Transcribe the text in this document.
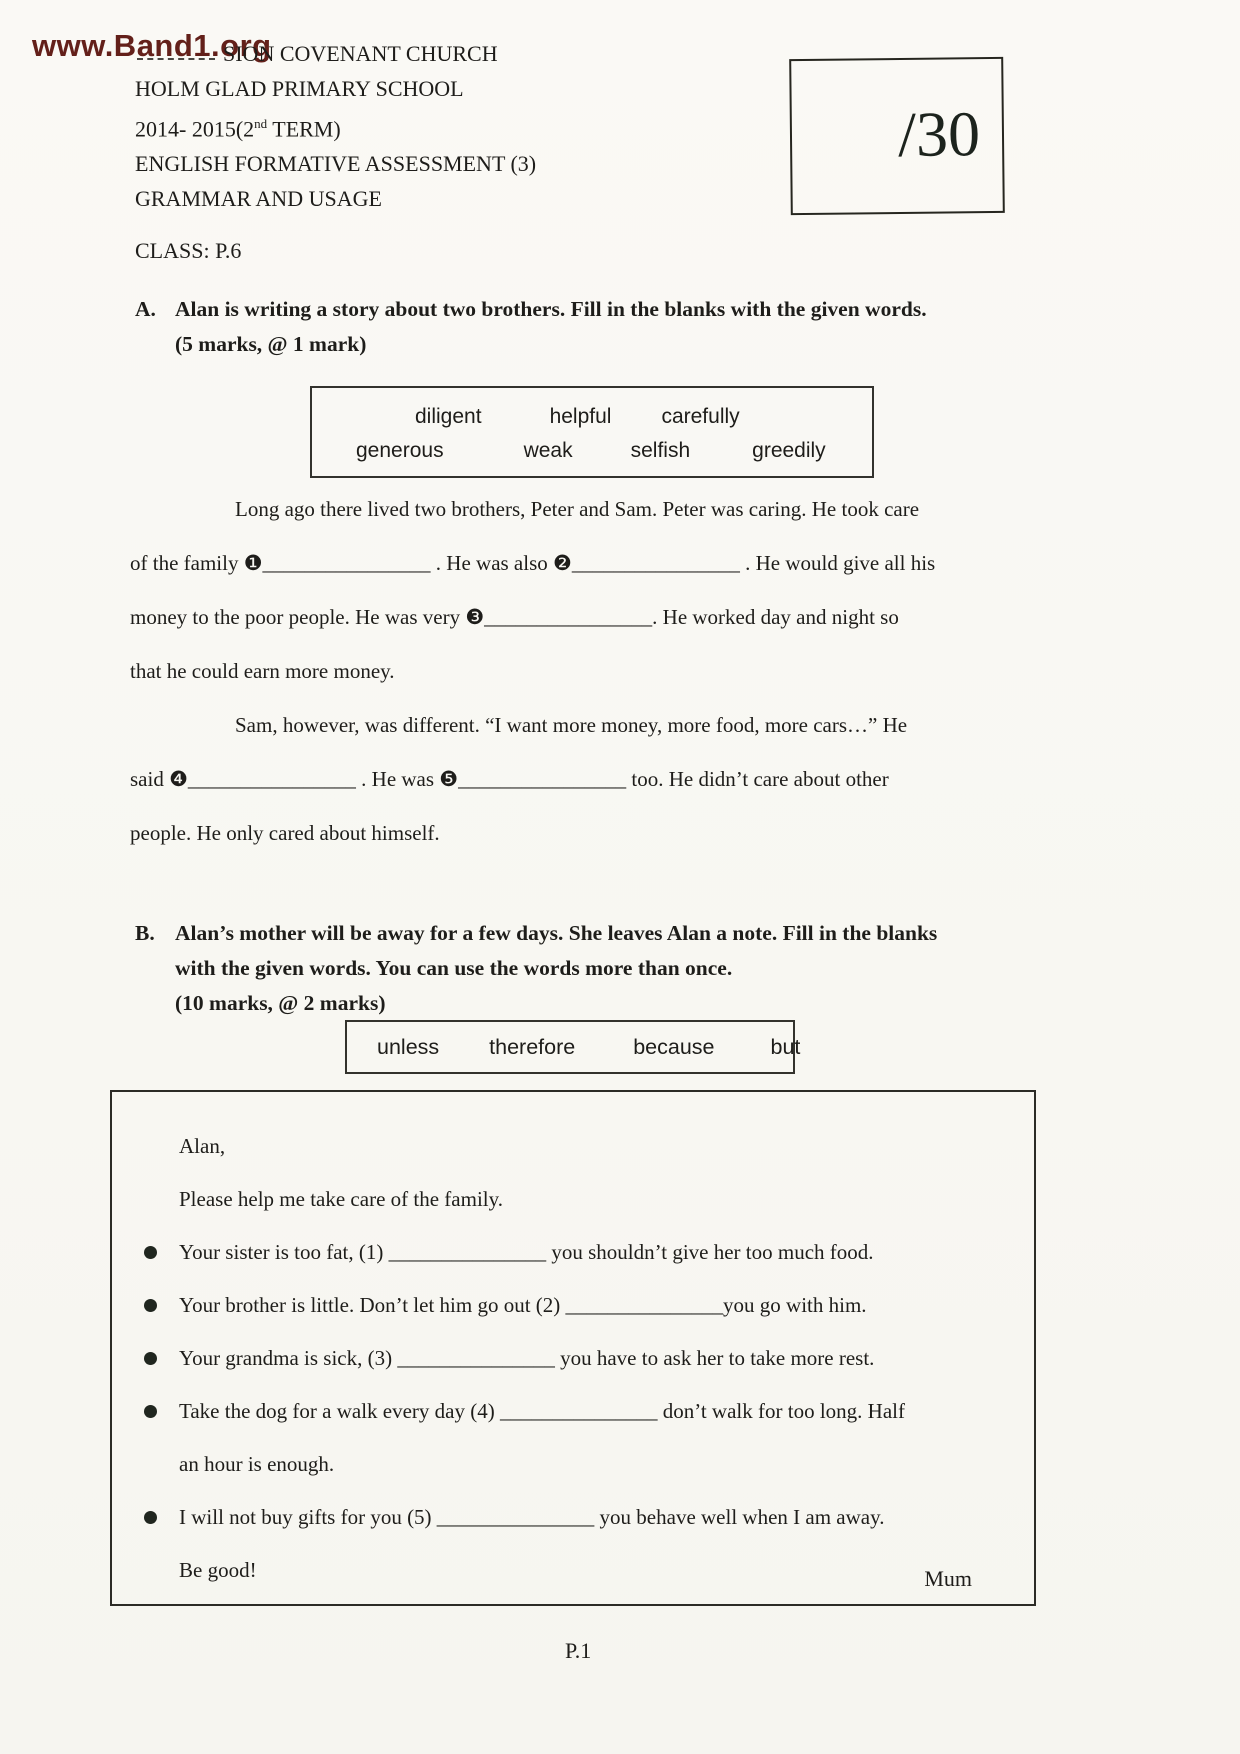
www.Band1.org
SION COVENANT CHURCH
HOLM GLAD PRIMARY SCHOOL
2014- 2015(2nd TERM)
ENGLISH FORMATIVE ASSESSMENT (3)
GRAMMAR AND USAGE
/30
CLASS: P.6
A. Alan is writing a story about two brothers. Fill in the blanks with the given words.
(5 marks, @ 1 mark)
diligent	helpful carefully
generous	weak	selfish	greedily
Long ago there lived two brothers, Peter and Sam. Peter was caring. He took care
of the family ❶________________ . He was also ❷________________ . He would give all his
money to the poor people. He was very ❸________________. He worked day and night so
that he could earn more money.
Sam, however, was different. “I want more money, more food, more cars…” He
said ❹________________ . He was ❺________________ too. He didn’t care about other
people. He only cared about himself.
B. Alan’s mother will be away for a few days. She leaves Alan a note. Fill in the blanks
with the given words. You can use the words more than once.
(10 marks, @ 2 marks)
unless therefore	because	but
Alan,
Please help me take care of the family.
Your sister is too fat, (1) _______________ you shouldn’t give her too much food.
Your brother is little. Don’t let him go out (2) _______________you go with him.
Your grandma is sick, (3) _______________ you have to ask her to take more rest.
Take the dog for a walk every day (4) _______________ don’t walk for too long. Half
an hour is enough.
I will not buy gifts for you (5) _______________ you behave well when I am away.
Be good!	Mum
P.1
